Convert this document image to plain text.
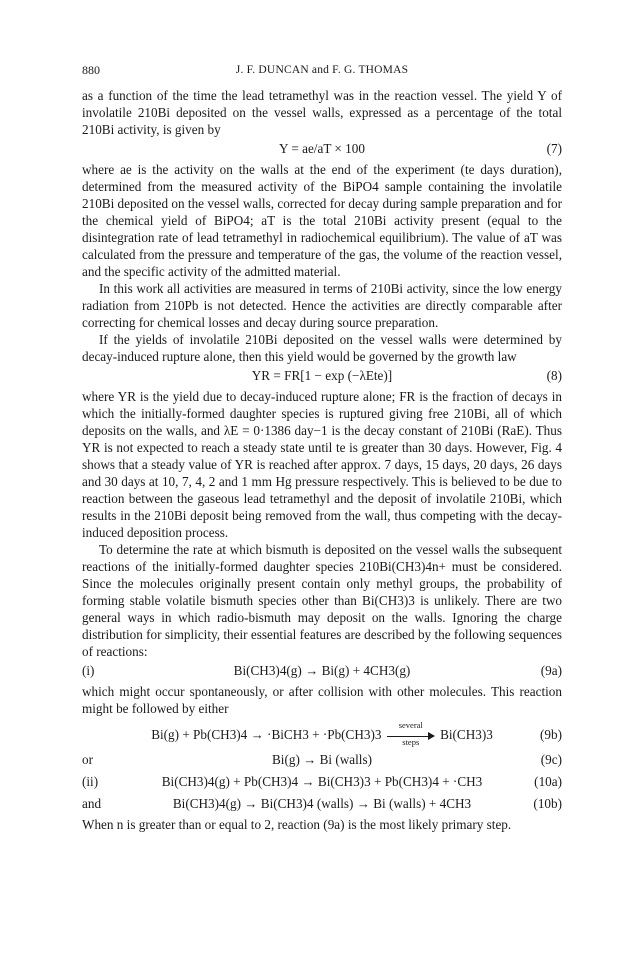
880	J. F. DUNCAN and F. G. THOMAS

as a function of the time the lead tetramethyl was in the reaction vessel. The yield Y of involatile 210Bi deposited on the vessel walls, expressed as a percentage of the total 210Bi activity, is given by

Y = ae/aT × 100	(7)

where ae is the activity on the walls at the end of the experiment (te days duration), determined from the measured activity of the BiPO4 sample containing the involatile 210Bi deposited on the vessel walls, corrected for decay during sample preparation and for the chemical yield of BiPO4; aT is the total 210Bi activity present (equal to the disintegration rate of lead tetramethyl in radiochemical equilibrium). The value of aT was calculated from the pressure and temperature of the gas, the volume of the reaction vessel, and the specific activity of the admitted material.

In this work all activities are measured in terms of 210Bi activity, since the low energy radiation from 210Pb is not detected. Hence the activities are directly comparable after correcting for chemical losses and decay during source preparation.

If the yields of involatile 210Bi deposited on the vessel walls were determined by decay-induced rupture alone, then this yield would be governed by the growth law

YR = FR[1 − exp (−λEte)]	(8)

where YR is the yield due to decay-induced rupture alone; FR is the fraction of decays in which the initially-formed daughter species is ruptured giving free 210Bi, all of which deposits on the walls, and λE = 0·1386 day−1 is the decay constant of 210Bi (RaE). Thus YR is not expected to reach a steady state until te is greater than 30 days. However, Fig. 4 shows that a steady value of YR is reached after approx. 7 days, 15 days, 20 days, 26 days and 30 days at 10, 7, 4, 2 and 1 mm Hg pressure respectively. This is believed to be due to reaction between the gaseous lead tetramethyl and the deposit of involatile 210Bi, which results in the 210Bi deposit being removed from the wall, thus competing with the decay-induced deposition process.

To determine the rate at which bismuth is deposited on the vessel walls the subsequent reactions of the initially-formed daughter species 210Bi(CH3)4n+ must be considered. Since the molecules originally present contain only methyl groups, the probability of forming stable volatile bismuth species other than Bi(CH3)3 is unlikely. There are two general ways in which radio-bismuth may deposit on the walls. Ignoring the charge distribution for simplicity, their essential features are described by the following sequences of reactions:

(i)	Bi(CH3)4(g) → Bi(g) + 4CH3(g)	(9a)

which might occur spontaneously, or after collision with other molecules. This reaction might be followed by either

Bi(g) + Pb(CH3)4 → ·BiCH3 + ·Pb(CH3)3
several
steps	Bi(CH3)3	(9b)
or	Bi(g) → Bi (walls)	(9c)
(ii)	Bi(CH3)4(g) + Pb(CH3)4 → Bi(CH3)3 + Pb(CH3)4 + ·CH3	(10a)
and	Bi(CH3)4(g) → Bi(CH3)4 (walls) → Bi (walls) + 4CH3	(10b)

When n is greater than or equal to 2, reaction (9a) is the most likely primary step.
